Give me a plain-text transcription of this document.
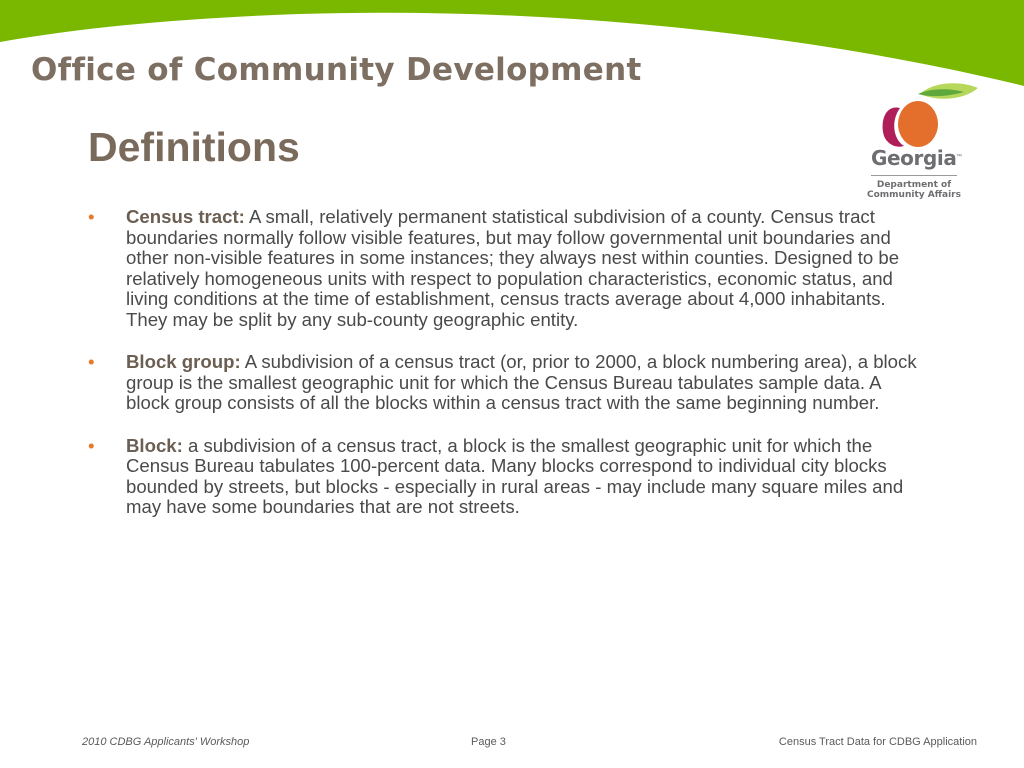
Office of Community Development
Definitions
• Census tract: A small, relatively permanent statistical subdivision of a county. Census tract boundaries normally follow visible features, but may follow governmental unit boundaries and other non-visible features in some instances; they always nest within counties. Designed to be relatively homogeneous units with respect to population characteristics, economic status, and living conditions at the time of establishment, census tracts average about 4,000 inhabitants. They may be split by any sub-county geographic entity.
• Block group: A subdivision of a census tract (or, prior to 2000, a block numbering area), a block group is the smallest geographic unit for which the Census Bureau tabulates sample data. A block group consists of all the blocks within a census tract with the same beginning number.
• Block: a subdivision of a census tract, a block is the smallest geographic unit for which the Census Bureau tabulates 100-percent data. Many blocks correspond to individual city blocks bounded by streets, but blocks - especially in rural areas - may include many square miles and may have some boundaries that are not streets.
Georgia ™
Department of
Community Affairs
2010 CDBG Applicants' Workshop	Page 3	Census Tract Data for CDBG Application
